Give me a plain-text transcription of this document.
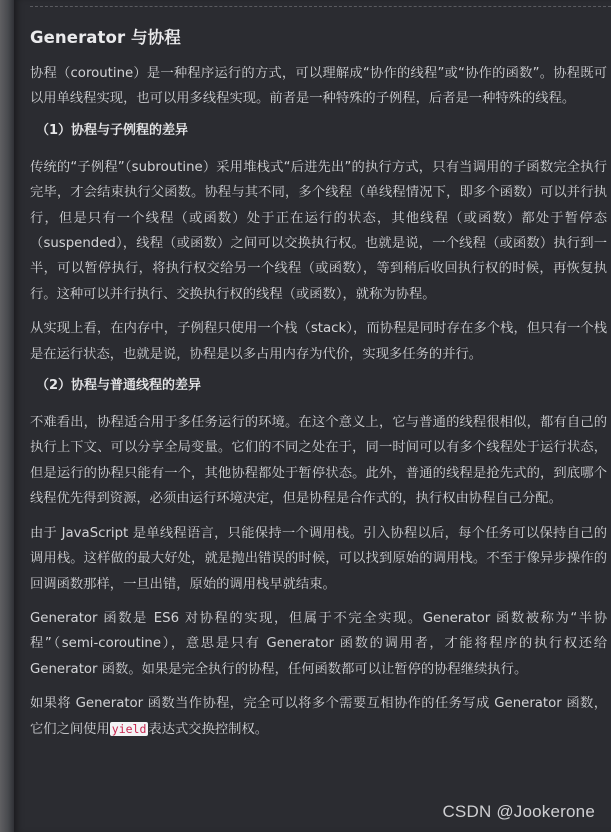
Generator 与协程

协程（coroutine）是一种程序运行的方式，可以理解成“协作的线程”或“协作的函数”。协程既可以用单线程实现，也可以用多线程实现。前者是一种特殊的子例程，后者是一种特殊的线程。

（1）协程与子例程的差异

传统的“子例程”（subroutine）采用堆栈式“后进先出”的执行方式，只有当调用的子函数完全执行完毕，才会结束执行父函数。协程与其不同，多个线程（单线程情况下，即多个函数）可以并行执行，但是只有一个线程（或函数）处于正在运行的状态，其他线程（或函数）都处于暂停态（suspended），线程（或函数）之间可以交换执行权。也就是说，一个线程（或函数）执行到一半，可以暂停执行，将执行权交给另一个线程（或函数），等到稍后收回执行权的时候，再恢复执行。这种可以并行执行、交换执行权的线程（或函数），就称为协程。

从实现上看，在内存中，子例程只使用一个栈（stack），而协程是同时存在多个栈，但只有一个栈是在运行状态，也就是说，协程是以多占用内存为代价，实现多任务的并行。

（2）协程与普通线程的差异

不难看出，协程适合用于多任务运行的环境。在这个意义上，它与普通的线程很相似，都有自己的执行上下文、可以分享全局变量。它们的不同之处在于，同一时间可以有多个线程处于运行状态，但是运行的协程只能有一个，其他协程都处于暂停状态。此外，普通的线程是抢先式的，到底哪个线程优先得到资源，必须由运行环境决定，但是协程是合作式的，执行权由协程自己分配。

由于 JavaScript 是单线程语言，只能保持一个调用栈。引入协程以后，每个任务可以保持自己的调用栈。这样做的最大好处，就是抛出错误的时候，可以找到原始的调用栈。不至于像异步操作的回调函数那样，一旦出错，原始的调用栈早就结束。

Generator 函数是 ES6 对协程的实现，但属于不完全实现。Generator 函数被称为“半协程”（semi-coroutine），意思是只有 Generator 函数的调用者，才能将程序的执行权还给 Generator 函数。如果是完全执行的协程，任何函数都可以让暂停的协程继续执行。

如果将 Generator 函数当作协程，完全可以将多个需要互相协作的任务写成 Generator 函数，它们之间使用 yield 表达式交换控制权。

CSDN @Jookerone
